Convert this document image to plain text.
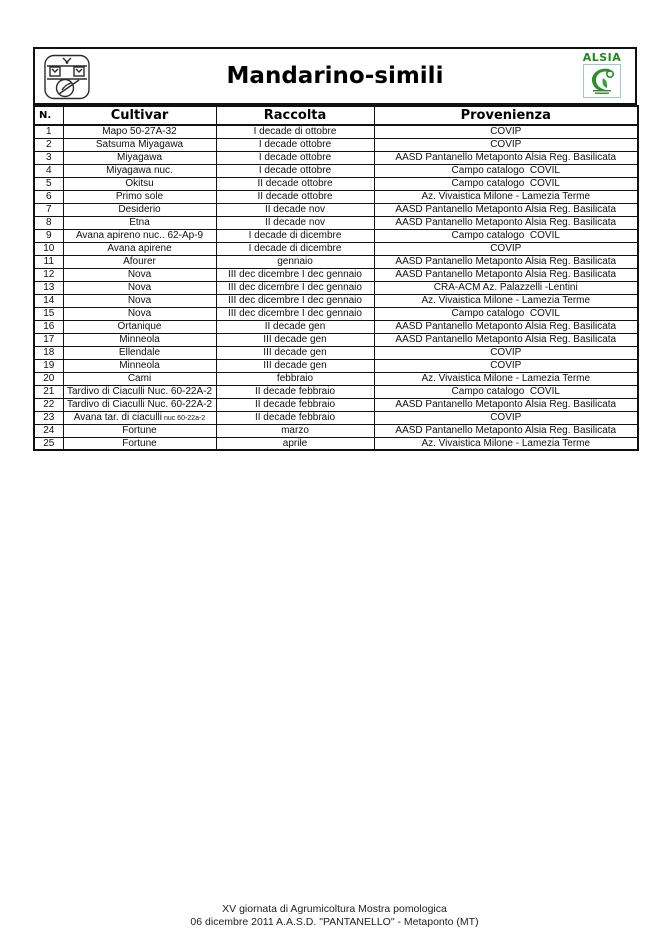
Mandarino-simili
ALSIA
N.	Cultivar	Raccolta	Provenienza
1	Mapo 50-27A-32	I decade di ottobre	COVIP
2	Satsuma Miyagawa	I decade ottobre	COVIP
3	Miyagawa	I decade ottobre	AASD Pantanello Metaponto Alsia Reg. Basilicata
4	Miyagawa nuc.	I decade ottobre	Campo catalogo  COVIL
5	Okitsu	II decade ottobre	Campo catalogo  COVIL
6	Primo sole	II decade ottobre	Az. Vivaistica Milone - Lamezia Terme
7	Desiderio	II decade nov	AASD Pantanello Metaponto Alsia Reg. Basilicata
8	Etna	II decade nov	AASD Pantanello Metaponto Alsia Reg. Basilicata
9	Avana apireno nuc.. 62-Ap-9	I decade di dicembre	Campo catalogo  COVIL
10	Avana apirene	I decade di dicembre	COVIP
11	Afourer	gennaio	AASD Pantanello Metaponto Alsia Reg. Basilicata
12	Nova	III dec dicembre I dec gennaio	AASD Pantanello Metaponto Alsia Reg. Basilicata
13	Nova	III dec dicembre I dec gennaio	CRA-ACM Az. Palazzelli -Lentini
14	Nova	III dec dicembre I dec gennaio	Az. Vivaistica Milone - Lamezia Terme
15	Nova	III dec dicembre I dec gennaio	Campo catalogo  COVIL
16	Ortanique	II decade gen	AASD Pantanello Metaponto Alsia Reg. Basilicata
17	Minneola	III decade gen	AASD Pantanello Metaponto Alsia Reg. Basilicata
18	Ellendale	III decade gen	COVIP
19	Minneola	III decade gen	COVIP
20	Cami	febbraio	Az. Vivaistica Milone - Lamezia Terme
21	Tardivo di Ciaculli Nuc. 60-22A-2	II decade febbraio	Campo catalogo  COVIL
22	Tardivo di Ciaculli Nuc. 60-22A-2	II decade febbraio	AASD Pantanello Metaponto Alsia Reg. Basilicata
23	Avana tar. di ciaculli nuc 60-22a-2	II decade febbraio	COVIP
24	Fortune	marzo	AASD Pantanello Metaponto Alsia Reg. Basilicata
25	Fortune	aprile	Az. Vivaistica Milone - Lamezia Terme
XV giornata di Agrumicoltura Mostra pomologica
06 dicembre 2011 A.A.S.D. "PANTANELLO" - Metaponto (MT)
